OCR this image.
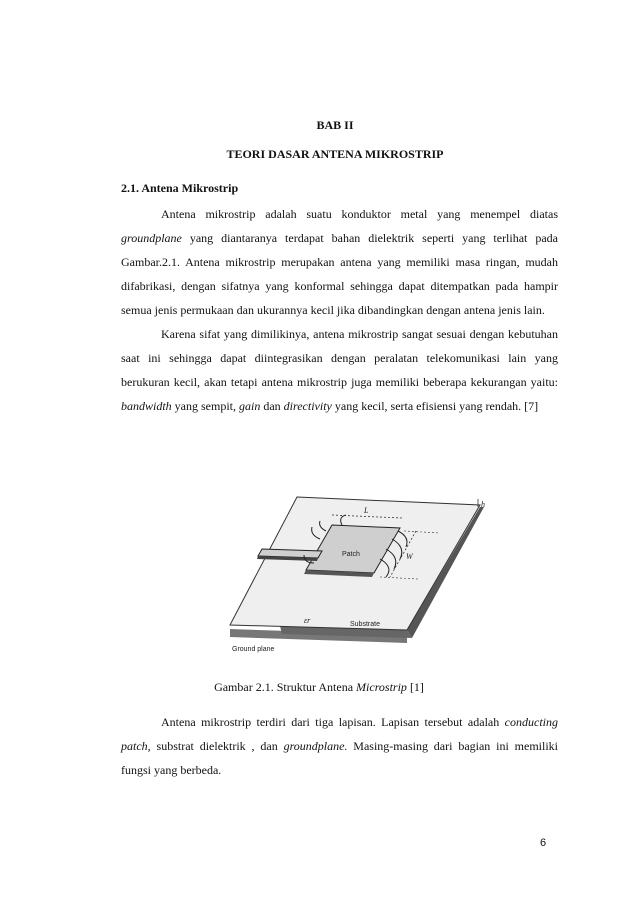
BAB II
TEORI DASAR ANTENA MIKROSTRIP
2.1. Antena Mikrostrip

Antena mikrostrip adalah suatu konduktor metal yang menempel diatas groundplane yang diantaranya terdapat bahan dielektrik seperti yang terlihat pada Gambar.2.1. Antena mikrostrip merupakan antena yang memiliki masa ringan, mudah difabrikasi, dengan sifatnya yang konformal sehingga dapat ditempatkan pada hampir semua jenis permukaan dan ukurannya kecil jika dibandingkan dengan antena jenis lain.

Karena sifat yang dimilikinya, antena mikrostrip sangat sesuai dengan kebutuhan saat ini sehingga dapat diintegrasikan dengan peralatan telekomunikasi lain yang berukuran kecil, akan tetapi antena mikrostrip juga memiliki beberapa kekurangan yaitu: bandwidth yang sempit, gain dan directivity yang kecil, serta efisiensi yang rendah. [7]

Patch
L
W
h
εr	Substrate
Ground plane
Gambar 2.1. Struktur Antena Microstrip [1]

Antena mikrostrip terdiri dari tiga lapisan. Lapisan tersebut adalah conducting patch, substrat dielektrik , dan groundplane. Masing-masing dari bagian ini memiliki fungsi yang berbeda.

6
